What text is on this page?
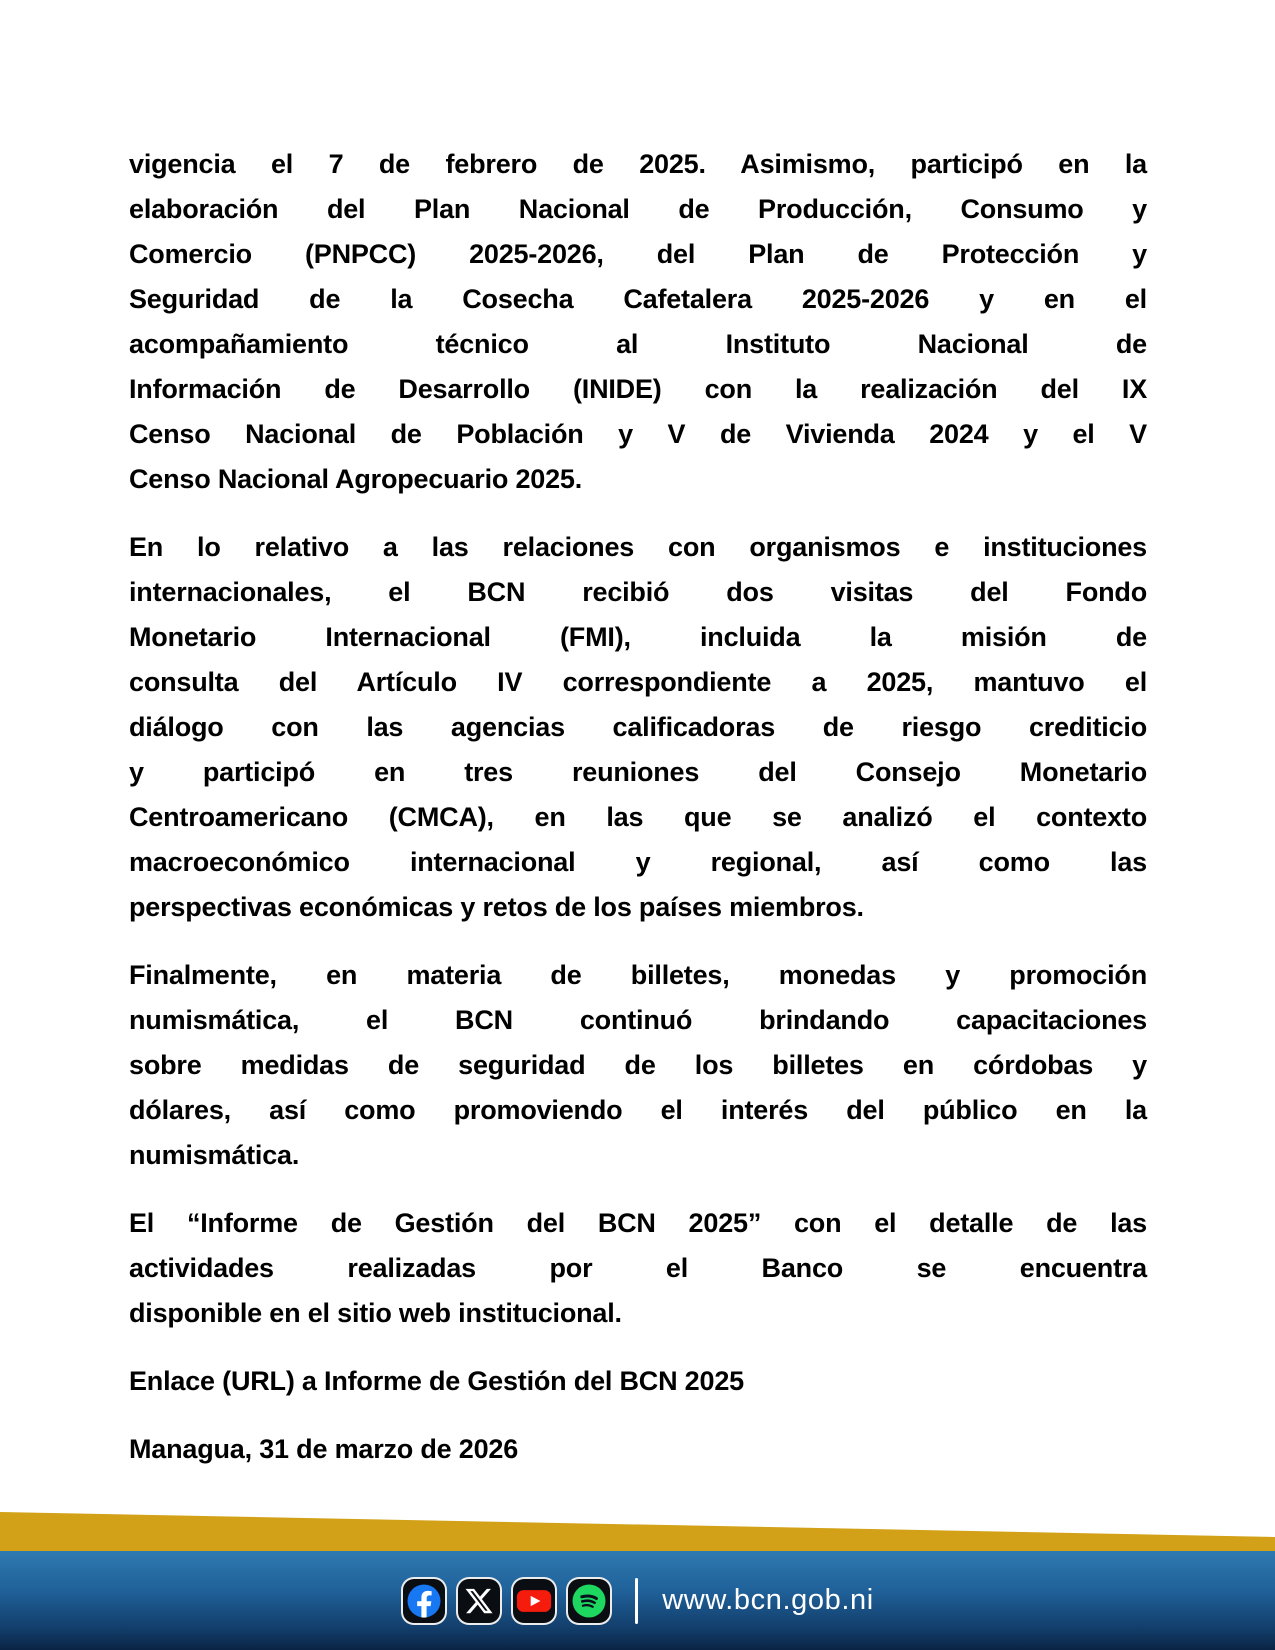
vigencia el 7 de febrero de 2025. Asimismo, participó en la
elaboración del Plan Nacional de Producción, Consumo y
Comercio (PNPCC) 2025-2026, del Plan de Protección y
Seguridad de la Cosecha Cafetalera 2025-2026 y en el
acompañamiento técnico al Instituto Nacional de
Información de Desarrollo (INIDE) con la realización del IX
Censo Nacional de Población y V de Vivienda 2024 y el V
Censo Nacional Agropecuario 2025.
En lo relativo a las relaciones con organismos e instituciones
internacionales, el BCN recibió dos visitas del Fondo
Monetario Internacional (FMI), incluida la misión de
consulta del Artículo IV correspondiente a 2025, mantuvo el
diálogo con las agencias calificadoras de riesgo crediticio
y participó en tres reuniones del Consejo Monetario
Centroamericano (CMCA), en las que se analizó el contexto
macroeconómico internacional y regional, así como las
perspectivas económicas y retos de los países miembros.
Finalmente, en materia de billetes, monedas y promoción
numismática, el BCN continuó brindando capacitaciones
sobre medidas de seguridad de los billetes en córdobas y
dólares, así como promoviendo el interés del público en la
numismática.
El “Informe de Gestión del BCN 2025” con el detalle de las
actividades realizadas por el Banco se encuentra
disponible en el sitio web institucional.
Enlace (URL) a Informe de Gestión del BCN 2025
Managua, 31 de marzo de 2026
www.bcn.gob.ni
